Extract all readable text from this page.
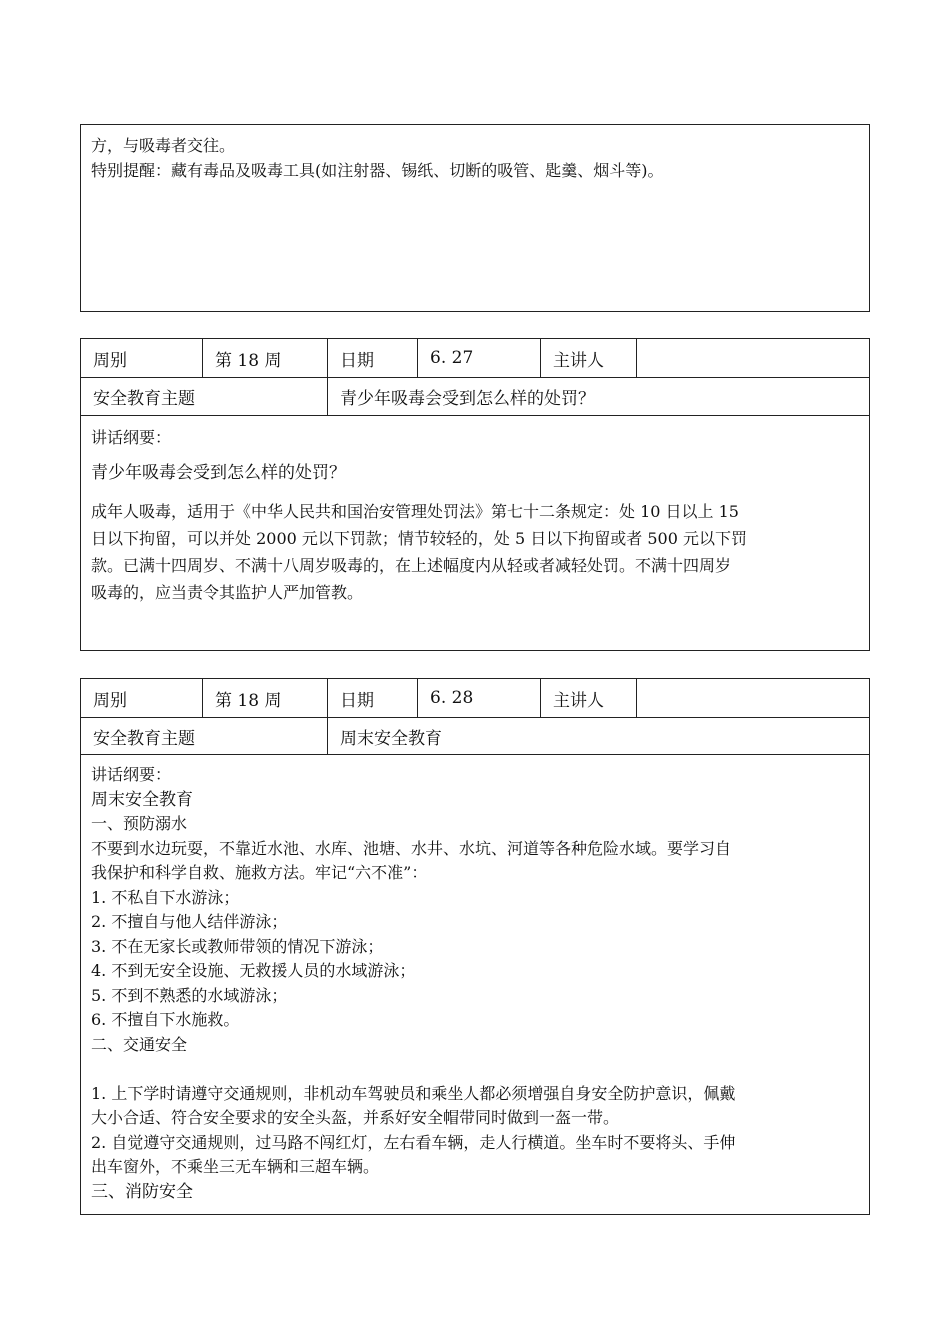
方，与吸毒者交往。
特别提醒：藏有毒品及吸毒工具(如注射器、锡纸、切断的吸管、匙羹、烟斗等)。
周别	第 18 周	日期	6. 27	主讲人
安全教育主题	青少年吸毒会受到怎么样的处罚？
讲话纲要：
青少年吸毒会受到怎么样的处罚？
成年人吸毒，适用于《中华人民共和国治安管理处罚法》第七十二条规定：处 10 日以上 15
日以下拘留，可以并处 2000 元以下罚款；情节较轻的，处 5 日以下拘留或者 500 元以下罚
款。已满十四周岁、不满十八周岁吸毒的，在上述幅度内从轻或者减轻处罚。不满十四周岁
吸毒的，应当责令其监护人严加管教。
周别	第 18 周	日期	6. 28	主讲人
安全教育主题	周末安全教育
讲话纲要：
周末安全教育
一、预防溺水
不要到水边玩耍，不靠近水池、水库、池塘、水井、水坑、河道等各种危险水域。要学习自
我保护和科学自救、施救方法。牢记“六不准”：
1. 不私自下水游泳；
2. 不擅自与他人结伴游泳；
3. 不在无家长或教师带领的情况下游泳；
4. 不到无安全设施、无救援人员的水域游泳；
5. 不到不熟悉的水域游泳；
6. 不擅自下水施救。
二、交通安全
1. 上下学时请遵守交通规则，非机动车驾驶员和乘坐人都必须增强自身安全防护意识，佩戴
大小合适、符合安全要求的安全头盔，并系好安全帽带同时做到一盔一带。
2. 自觉遵守交通规则，过马路不闯红灯，左右看车辆，走人行横道。坐车时不要将头、手伸
出车窗外，不乘坐三无车辆和三超车辆。
三、消防安全
